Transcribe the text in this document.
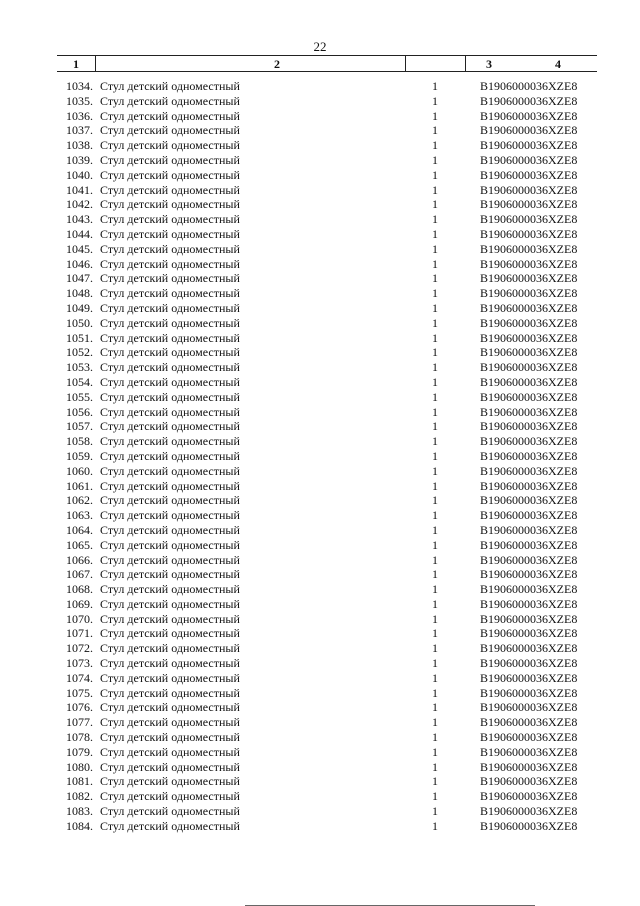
22
1	2	3	4
1034. Стул детский одноместный	1	B1906000036XZE8
1035. Стул детский одноместный	1	B1906000036XZE8
1036. Стул детский одноместный	1	B1906000036XZE8
1037. Стул детский одноместный	1	B1906000036XZE8
1038. Стул детский одноместный	1	B1906000036XZE8
1039. Стул детский одноместный	1	B1906000036XZE8
1040. Стул детский одноместный	1	B1906000036XZE8
1041. Стул детский одноместный	1	B1906000036XZE8
1042. Стул детский одноместный	1	B1906000036XZE8
1043. Стул детский одноместный	1	B1906000036XZE8
1044. Стул детский одноместный	1	B1906000036XZE8
1045. Стул детский одноместный	1	B1906000036XZE8
1046. Стул детский одноместный	1	B1906000036XZE8
1047. Стул детский одноместный	1	B1906000036XZE8
1048. Стул детский одноместный	1	B1906000036XZE8
1049. Стул детский одноместный	1	B1906000036XZE8
1050. Стул детский одноместный	1	B1906000036XZE8
1051. Стул детский одноместный	1	B1906000036XZE8
1052. Стул детский одноместный	1	B1906000036XZE8
1053. Стул детский одноместный	1	B1906000036XZE8
1054. Стул детский одноместный	1	B1906000036XZE8
1055. Стул детский одноместный	1	B1906000036XZE8
1056. Стул детский одноместный	1	B1906000036XZE8
1057. Стул детский одноместный	1	B1906000036XZE8
1058. Стул детский одноместный	1	B1906000036XZE8
1059. Стул детский одноместный	1	B1906000036XZE8
1060. Стул детский одноместный	1	B1906000036XZE8
1061. Стул детский одноместный	1	B1906000036XZE8
1062. Стул детский одноместный	1	B1906000036XZE8
1063. Стул детский одноместный	1	B1906000036XZE8
1064. Стул детский одноместный	1	B1906000036XZE8
1065. Стул детский одноместный	1	B1906000036XZE8
1066. Стул детский одноместный	1	B1906000036XZE8
1067. Стул детский одноместный	1	B1906000036XZE8
1068. Стул детский одноместный	1	B1906000036XZE8
1069. Стул детский одноместный	1	B1906000036XZE8
1070. Стул детский одноместный	1	B1906000036XZE8
1071. Стул детский одноместный	1	B1906000036XZE8
1072. Стул детский одноместный	1	B1906000036XZE8
1073. Стул детский одноместный	1	B1906000036XZE8
1074. Стул детский одноместный	1	B1906000036XZE8
1075. Стул детский одноместный	1	B1906000036XZE8
1076. Стул детский одноместный	1	B1906000036XZE8
1077. Стул детский одноместный	1	B1906000036XZE8
1078. Стул детский одноместный	1	B1906000036XZE8
1079. Стул детский одноместный	1	B1906000036XZE8
1080. Стул детский одноместный	1	B1906000036XZE8
1081. Стул детский одноместный	1	B1906000036XZE8
1082. Стул детский одноместный	1	B1906000036XZE8
1083. Стул детский одноместный	1	B1906000036XZE8
1084. Стул детский одноместный	1	B1906000036XZE8
